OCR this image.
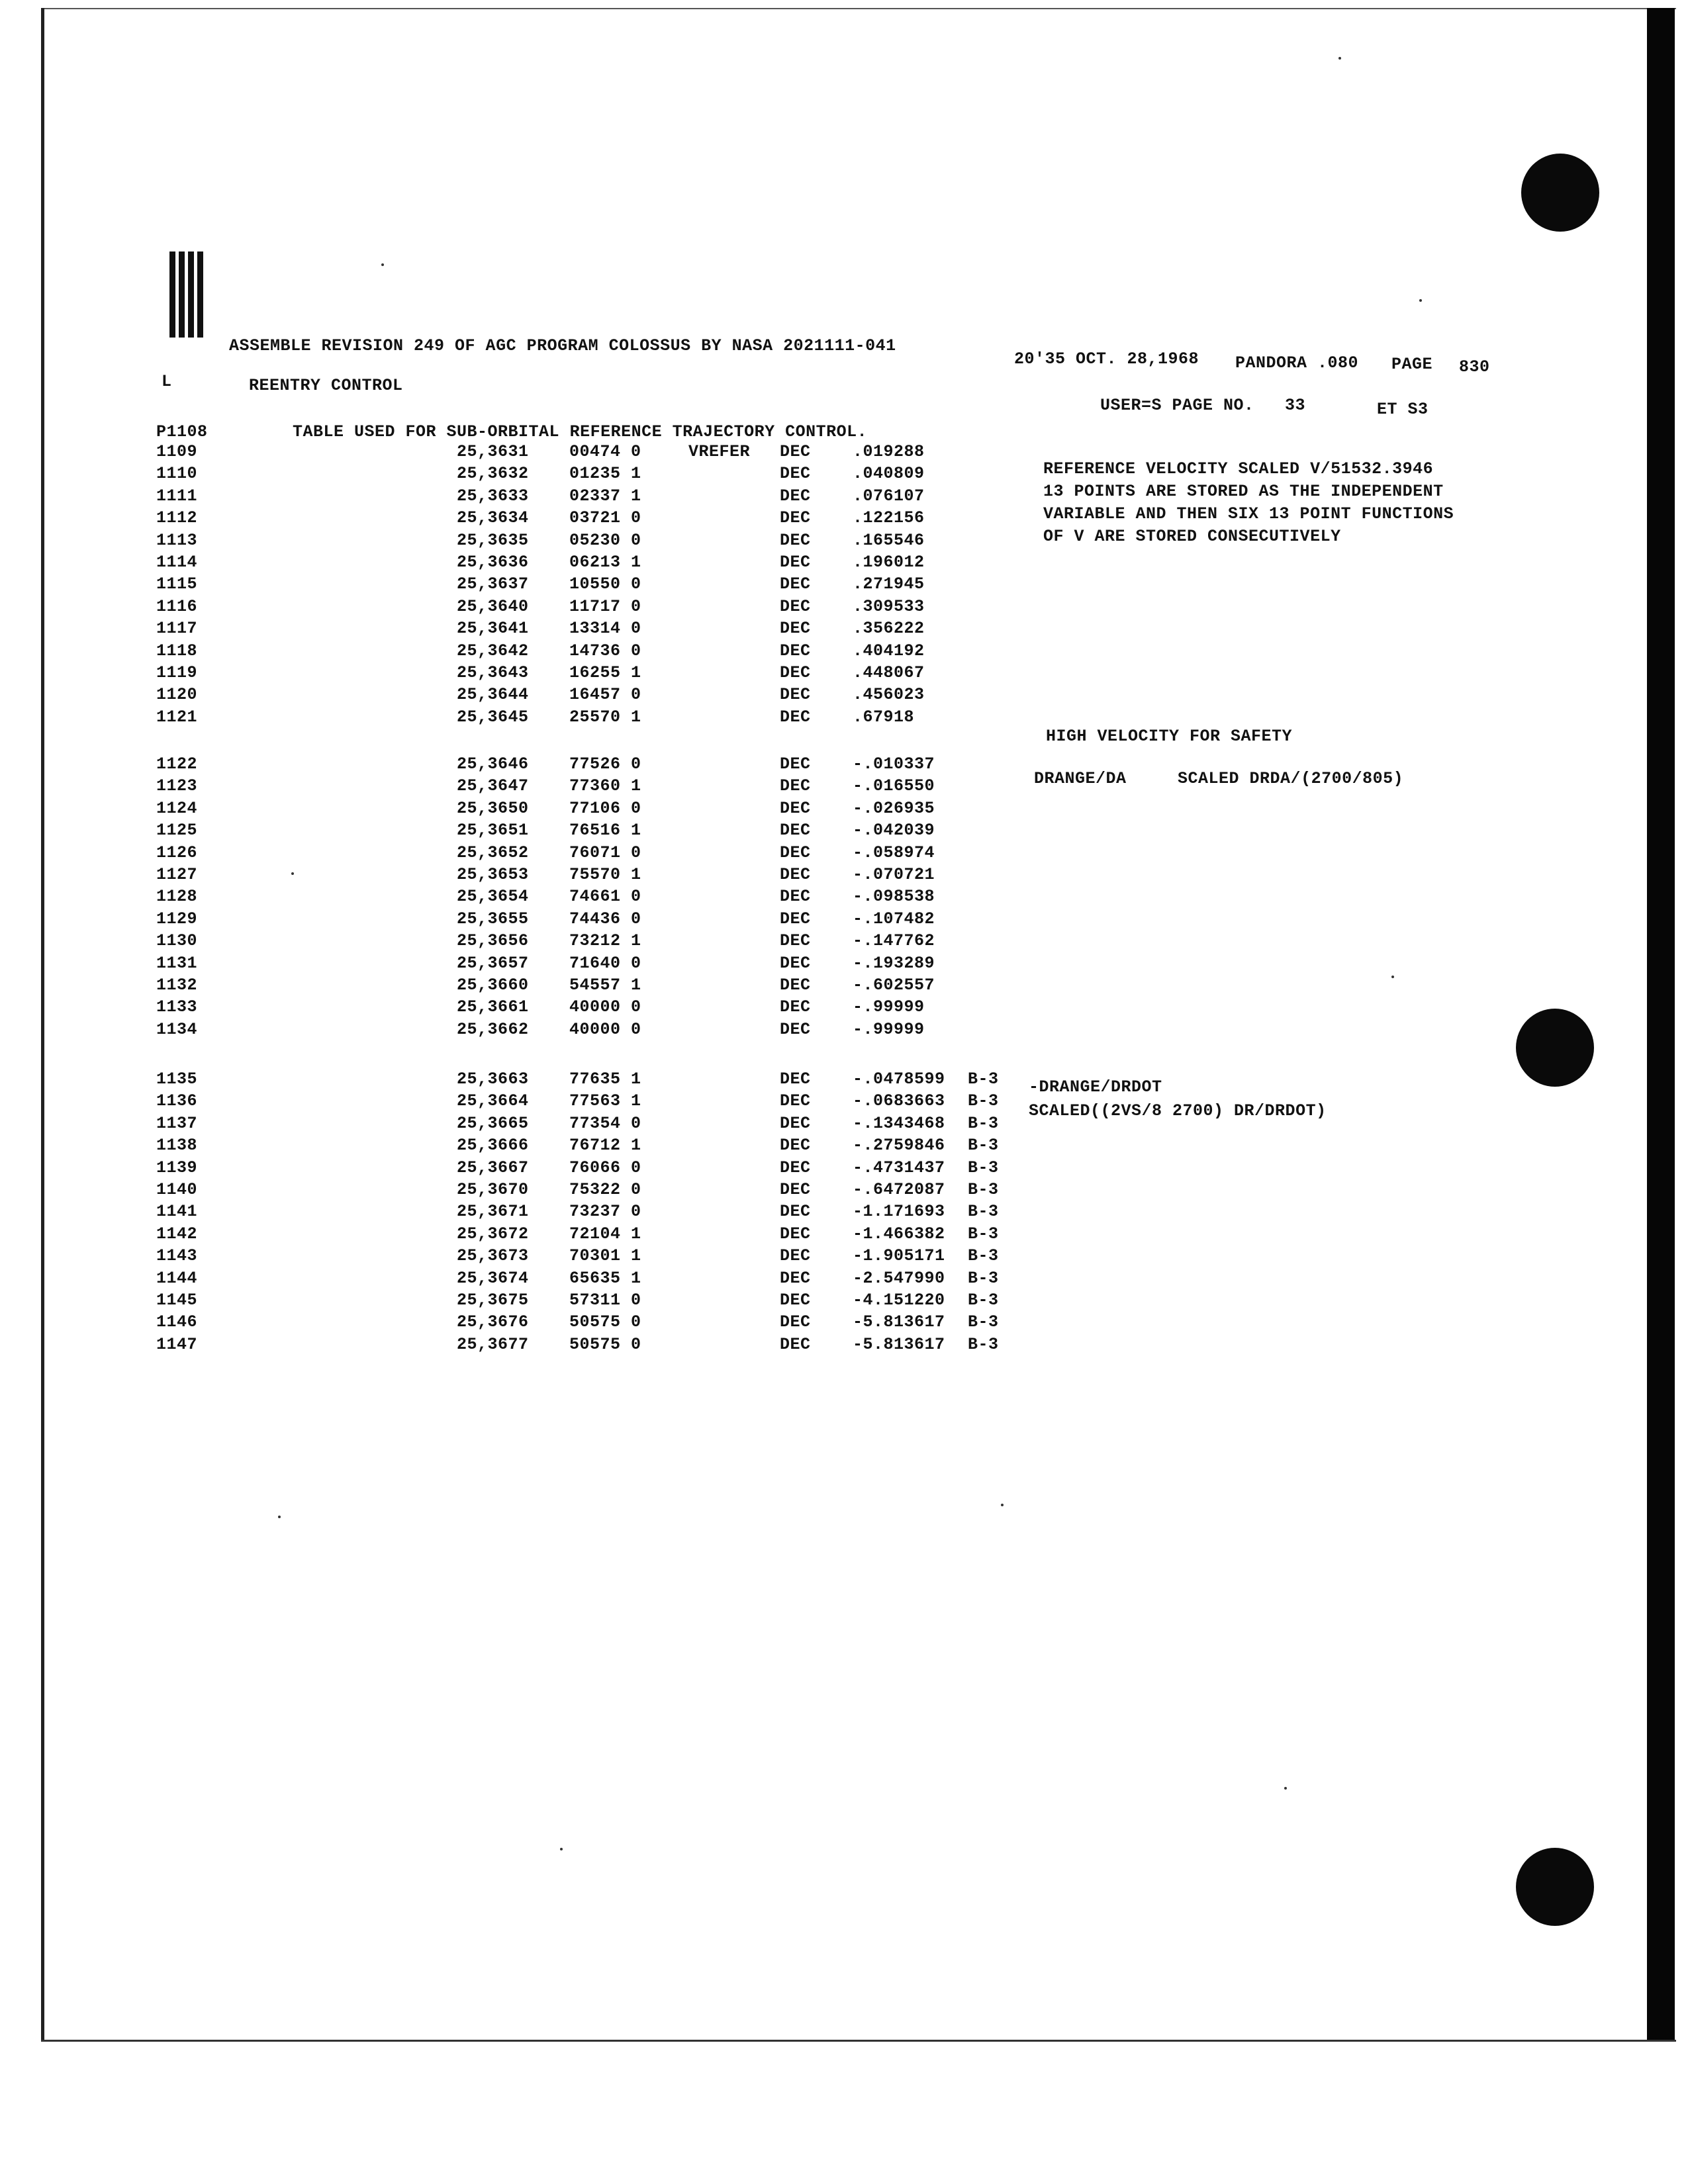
ASSEMBLE REVISION 249 OF AGC PROGRAM COLOSSUS BY NASA 2021111-041
20'35 OCT. 28,1968 PANDORA .080 PAGE 830
L	REENTRY CONTROL
USER=S PAGE NO.   33	ET S3
P1108	TABLE USED FOR SUB-ORBITAL REFERENCE TRAJECTORY CONTROL.
1109	25,3631 00474 0	VREFER DEC	.019288
1110	25,3632 01235 1	DEC	.040809
1111	25,3633 02337 1	DEC	.076107
1112	25,3634 03721 0	DEC	.122156
1113	25,3635 05230 0	DEC	.165546
1114	25,3636 06213 1	DEC	.196012
1115	25,3637 10550 0	DEC	.271945
1116	25,3640 11717 0	DEC	.309533
1117	25,3641 13314 0	DEC	.356222
1118	25,3642 14736 0	DEC	.404192
1119	25,3643 16255 1	DEC	.448067
1120	25,3644 16457 0	DEC	.456023
1121	25,3645 25570 1	DEC	.67918
1122	25,3646 77526 0	DEC	-.010337
1123	25,3647 77360 1	DEC	-.016550
1124	25,3650 77106 0	DEC	-.026935
1125	25,3651 76516 1	DEC	-.042039
1126	25,3652 76071 0	DEC	-.058974
1127	25,3653 75570 1	DEC	-.070721
1128	25,3654 74661 0	DEC	-.098538
1129	25,3655 74436 0	DEC	-.107482
1130	25,3656 73212 1	DEC	-.147762
1131	25,3657 71640 0	DEC	-.193289
1132	25,3660 54557 1	DEC	-.602557
1133	25,3661 40000 0	DEC	-.99999
1134	25,3662 40000 0	DEC	-.99999
1135	25,3663 77635 1	DEC	-.0478599 B-3
1136	25,3664 77563 1	DEC	-.0683663 B-3
1137	25,3665 77354 0	DEC	-.1343468 B-3
1138	25,3666 76712 1	DEC	-.2759846 B-3
1139	25,3667 76066 0	DEC	-.4731437 B-3
1140	25,3670 75322 0	DEC	-.6472087 B-3
1141	25,3671 73237 0	DEC	-1.171693 B-3
1142	25,3672 72104 1	DEC	-1.466382 B-3
1143	25,3673 70301 1	DEC	-1.905171 B-3
1144	25,3674 65635 1	DEC	-2.547990 B-3
1145	25,3675 57311 0	DEC	-4.151220 B-3
1146	25,3676 50575 0	DEC	-5.813617 B-3
1147	25,3677 50575 0	DEC	-5.813617 B-3
REFERENCE VELOCITY SCALED V/51532.3946
13 POINTS ARE STORED AS THE INDEPENDENT
VARIABLE AND THEN SIX 13 POINT FUNCTIONS
OF V ARE STORED CONSECUTIVELY
HIGH VELOCITY FOR SAFETY
DRANGE/DA     SCALED DRDA/(2700/805)
-DRANGE/DRDOT
SCALED((2VS/8 2700) DR/DRDOT)
